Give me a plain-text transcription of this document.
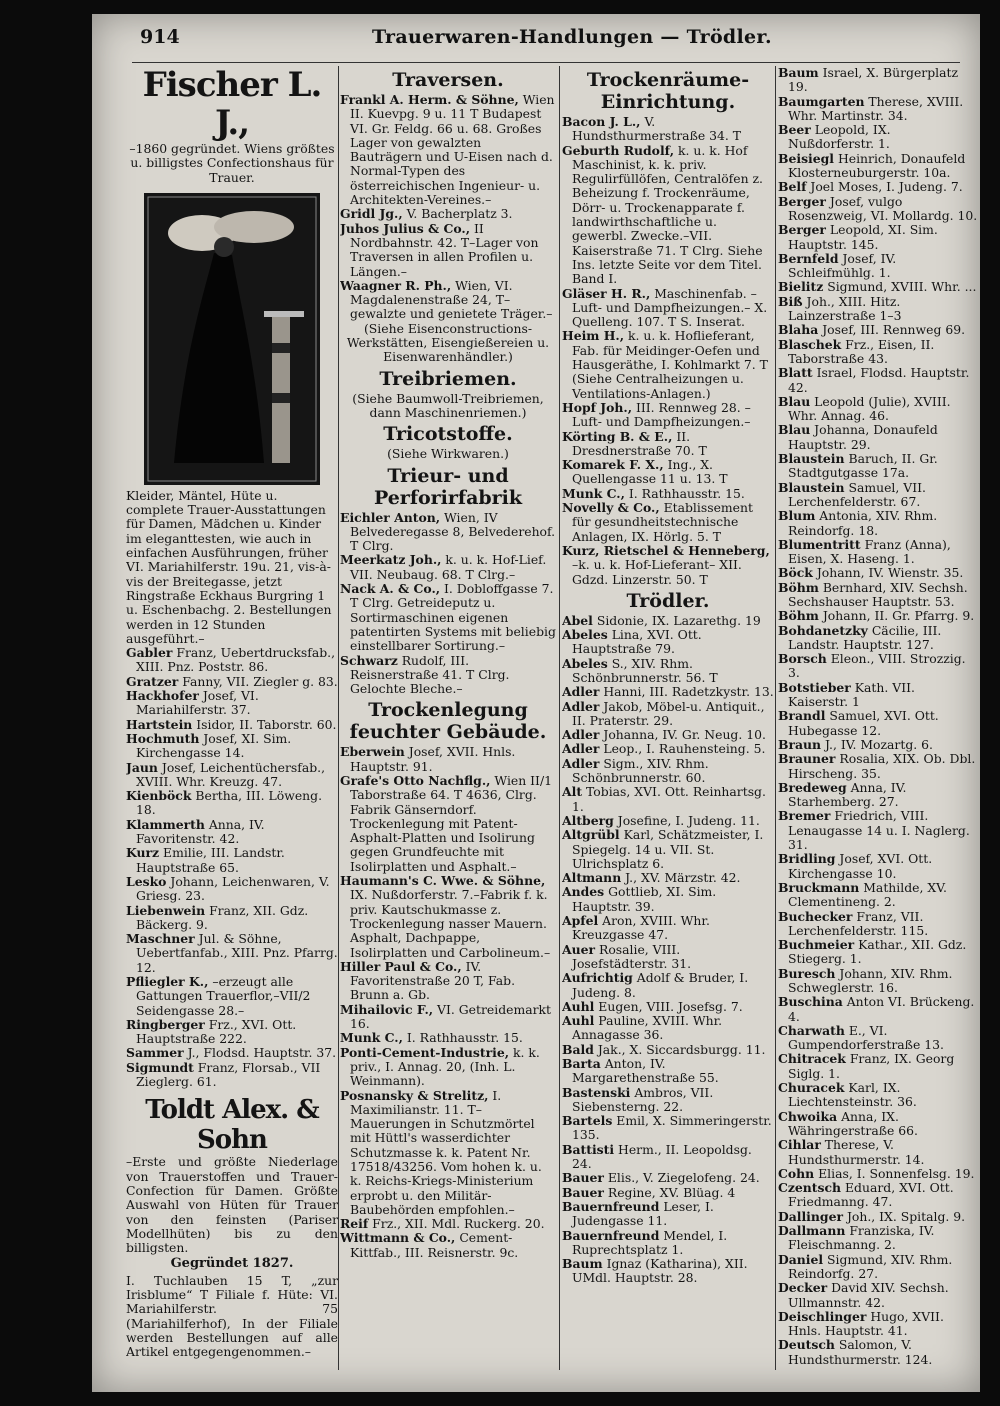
914	Trauerwaren-Handlungen — Trödler.

Fischer L. J.,

–1860 gegründet. Wiens größtes u. billigstes Confectionshaus für Trauer.

Kleider, Mäntel, Hüte u. complete Trauer-Ausstattungen für Damen, Mädchen u. Kinder im eleganttesten, wie auch in einfachen Ausführungen, früher VI. Mariahilferstr. 19u. 21, vis-à-vis der Breitegasse, jetzt Ringstraße Eckhaus Burgring 1 u. Eschenbachg. 2. Bestellungen werden in 12 Stunden ausgeführt.–

Gabler Franz, Uebertdrucksfab., XIII. Pnz. Poststr. 86.

Gratzer Fanny, VII. Ziegler g. 83.

Hackhofer Josef, VI. Mariahilferstr. 37.

Hartstein Isidor, II. Taborstr. 60.

Hochmuth Josef, XI. Sim. Kirchengasse 14.

Jaun Josef, Leichentüchersfab., XVIII. Whr. Kreuzg. 47.

Kienböck Bertha, III. Löweng. 18.

Klammerth Anna, IV. Favoritenstr. 42.

Kurz Emilie, III. Landstr. Hauptstraße 65.

Lesko Johann, Leichenwaren, V. Griesg. 23.

Liebenwein Franz, XII. Gdz. Bäckerg. 9.

Maschner Jul. & Söhne, Uebertfanfab., XIII. Pnz. Pfarrg. 12.

Pfliegler K., –erzeugt alle Gattungen Trauerflor,–VII/2 Seidengasse 28.–

Ringberger Frz., XVI. Ott. Hauptstraße 222.

Sammer J., Flodsd. Hauptstr. 37.

Sigmundt Franz, Florsab., VII Zieglerg. 61.

Toldt Alex. & Sohn

–Erste und größte Niederlage von Trauerstoffen und Trauer-Confection für Damen. Größte Auswahl von Hüten für Trauer von den feinsten (Pariser Modellhüten) bis zu den billigsten.

Gegründet 1827.

I. Tuchlauben 15 T, „zur Irisblume“ T Filiale f. Hüte: VI. Mariahilferstr. 75 (Mariahilferhof), In der Filiale werden Bestellungen auf alle Artikel entgegengenommen.–

Traversen.

Frankl A. Herm. & Söhne, Wien II. Kuevpg. 9 u. 11 T Budapest VI. Gr. Feldg. 66 u. 68. Großes Lager von gewalzten Bauträgern und U-Eisen nach d. Normal-Typen des österreichischen Ingenieur- u. Architekten-Vereines.–

Gridl Jg., V. Bacherplatz 3.

Juhos Julius & Co., II Nordbahnstr. 42. T–Lager von Traversen in allen Profilen u. Längen.–

Waagner R. Ph., Wien, VI. Magdalenenstraße 24, T–gewalzte und genietete Träger.–

(Siehe Eisenconstructions-Werkstätten, Eisengießereien u. Eisenwarenhändler.)

Treibriemen.

(Siehe Baumwoll-Treibriemen, dann Maschinenriemen.)

Tricotstoffe.

(Siehe Wirkwaren.)

Trieur- und Perforirfabrik

Eichler Anton, Wien, IV Belvederegasse 8, Belvederehof. T Clrg.

Meerkatz Joh., k. u. k. Hof-Lief. VII. Neubaug. 68. T Clrg.–

Nack A. & Co., I. Dobloffgasse 7. T Clrg. Getreideputz u. Sortirmaschinen eigenen patentirten Systems mit beliebig einstellbarer Sortirung.–

Schwarz Rudolf, III. Reisnerstraße 41. T Clrg. Gelochte Bleche.–

Trockenlegung feuchter Gebäude.

Eberwein Josef, XVII. Hnls. Hauptstr. 91.

Grafe's Otto Nachflg., Wien II/1 Taborstraße 64. T 4636, Clrg. Fabrik Gänserndorf. Trockenlegung mit Patent-Asphalt-Platten und Isolirung gegen Grundfeuchte mit Isolirplatten und Asphalt.–

Haumann's C. Wwe. & Söhne, IX. Nußdorferstr. 7.–Fabrik f. k. priv. Kautschukmasse z. Trockenlegung nasser Mauern. Asphalt, Dachpappe, Isolirplatten und Carbolineum.–

Hiller Paul & Co., IV. Favoritenstraße 20 T, Fab. Brunn a. Gb.

Mihailovic F., VI. Getreidemarkt 16.

Munk C., I. Rathhausstr. 15.

Ponti-Cement-Industrie, k. k. priv., I. Annag. 20, (Inh. L. Weinmann).

Posnansky & Strelitz, I. Maximilianstr. 11. T–Mauerungen in Schutzmörtel mit Hüttl's wasserdichter Schutzmasse k. k. Patent Nr. 17518/43256. Vom hohen k. u. k. Reichs-Kriegs-Ministerium erprobt u. den Militär-Baubehörden empfohlen.–

Reif Frz., XII. Mdl. Ruckerg. 20.

Wittmann & Co., Cement-Kittfab., III. Reisnerstr. 9c.

Trockenräume-Einrichtung.

Bacon J. L., V. Hundsthurmerstraße 34. T

Geburth Rudolf, k. u. k. Hof Maschinist, k. k. priv. Regulirfüllöfen, Centralöfen z. Beheizung f. Trockenräume, Dörr- u. Trockenapparate f. landwirthschaftliche u. gewerbl. Zwecke.–VII. Kaiserstraße 71. T Clrg. Siehe Ins. letzte Seite vor dem Titel. Band I.

Gläser H. R., Maschinenfab. –Luft- und Dampfheizungen.– X. Quelleng. 107. T S. Inserat.

Heim H., k. u. k. Hoflieferant, Fab. für Meidinger-Oefen und Hausgeräthe, I. Kohlmarkt 7. T (Siehe Centralheizungen u. Ventilations-Anlagen.)

Hopf Joh., III. Rennweg 28. –Luft- und Dampfheizungen.–

Körting B. & E., II. Dresdnerstraße 70. T

Komarek F. X., Ing., X. Quellengasse 11 u. 13. T

Munk C., I. Rathhausstr. 15.

Novelly & Co., Etablissement für gesundheitstechnische Anlagen, IX. Hörlg. 5. T

Kurz, Rietschel & Henneberg, –k. u. k. Hof-Lieferant– XII. Gdzd. Linzerstr. 50. T

Trödler.

Abel Sidonie, IX. Lazarethg. 19

Abeles Lina, XVI. Ott. Hauptstraße 79.

Abeles S., XIV. Rhm. Schönbrunnerstr. 56. T

Adler Hanni, III. Radetzkystr. 13.

Adler Jakob, Möbel-u. Antiquit., II. Praterstr. 29.

Adler Johanna, IV. Gr. Neug. 10.

Adler Leop., I. Rauhensteing. 5.

Adler Sigm., XIV. Rhm. Schönbrunnerstr. 60.

Alt Tobias, XVI. Ott. Reinhartsg. 1.

Altberg Josefine, I. Judeng. 11.

Altgrübl Karl, Schätzmeister, I. Spiegelg. 14 u. VII. St. Ulrichsplatz 6.

Altmann J., XV. Märzstr. 42.

Andes Gottlieb, XI. Sim. Hauptstr. 39.

Apfel Aron, XVIII. Whr. Kreuzgasse 47.

Auer Rosalie, VIII. Josefstädterstr. 31.

Aufrichtig Adolf & Bruder, I. Judeng. 8.

Auhl Eugen, VIII. Josefsg. 7.

Auhl Pauline, XVIII. Whr. Annagasse 36.

Bald Jak., X. Siccardsburgg. 11.

Barta Anton, IV. Margarethenstraße 55.

Bastenski Ambros, VII. Siebensterng. 22.

Bartels Emil, X. Simmeringerstr. 135.

Battisti Herm., II. Leopoldsg. 24.

Bauer Elis., V. Ziegelofeng. 24.

Bauer Regine, XV. Blüag. 4

Bauernfreund Leser, I. Judengasse 11.

Bauernfreund Mendel, I. Ruprechtsplatz 1.

Baum Ignaz (Katharina), XII. UMdl. Hauptstr. 28.

Baum Israel, X. Bürgerplatz 19.

Baumgarten Therese, XVIII. Whr. Martinstr. 34.

Beer Leopold, IX. Nußdorferstr. 1.

Beisiegl Heinrich, Donaufeld Klosterneuburgerstr. 10a.

Belf Joel Moses, I. Judeng. 7.

Berger Josef, vulgo Rosenzweig, VI. Mollardg. 10.

Berger Leopold, XI. Sim. Hauptstr. 145.

Bernfeld Josef, IV. Schleifmühlg. 1.

Bielitz Sigmund, XVIII. Whr. ...

Biß Joh., XIII. Hitz. Lainzerstraße 1–3

Blaha Josef, III. Rennweg 69.

Blaschek Frz., Eisen, II. Taborstraße 43.

Blatt Israel, Flodsd. Hauptstr. 42.

Blau Leopold (Julie), XVIII. Whr. Annag. 46.

Blau Johanna, Donaufeld Hauptstr. 29.

Blaustein Baruch, II. Gr. Stadtgutgasse 17a.

Blaustein Samuel, VII. Lerchenfelderstr. 67.

Blum Antonia, XIV. Rhm. Reindorfg. 18.

Blumentritt Franz (Anna), Eisen, X. Haseng. 1.

Böck Johann, IV. Wienstr. 35.

Böhm Bernhard, XIV. Sechsh. Sechshauser Hauptstr. 53.

Böhm Johann, II. Gr. Pfarrg. 9.

Bohdanetzky Cäcilie, III. Landstr. Hauptstr. 127.

Borsch Eleon., VIII. Strozzig. 3.

Botstieber Kath. VII. Kaiserstr. 1

Brandl Samuel, XVI. Ott. Hubegasse 12.

Braun J., IV. Mozartg. 6.

Brauner Rosalia, XIX. Ob. Dbl. Hirscheng. 35.

Bredeweg Anna, IV. Starhemberg. 27.

Bremer Friedrich, VIII. Lenaugasse 14 u. I. Naglerg. 31.

Bridling Josef, XVI. Ott. Kirchengasse 10.

Bruckmann Mathilde, XV. Clementineng. 2.

Buchecker Franz, VII. Lerchenfelderstr. 115.

Buchmeier Kathar., XII. Gdz. Stiegerg. 1.

Buresch Johann, XIV. Rhm. Schweglerstr. 16.

Buschina Anton VI. Brückeng. 4.

Charwath E., VI. Gumpendorferstraße 13.

Chitracek Franz, IX. Georg Siglg. 1.

Churacek Karl, IX. Liechtensteinstr. 36.

Chwoika Anna, IX. Währingerstraße 66.

Cihlar Therese, V. Hundsthurmerstr. 14.

Cohn Elias, I. Sonnenfelsg. 19.

Czentsch Eduard, XVI. Ott. Friedmanng. 47.

Dallinger Joh., IX. Spitalg. 9.

Dallmann Franziska, IV. Fleischmanng. 2.

Daniel Sigmund, XIV. Rhm. Reindorfg. 27.

Decker David XIV. Sechsh. Ullmannstr. 42.

Deischlinger Hugo, XVII. Hnls. Hauptstr. 41.

Deutsch Salomon, V. Hundsthurmerstr. 124.
